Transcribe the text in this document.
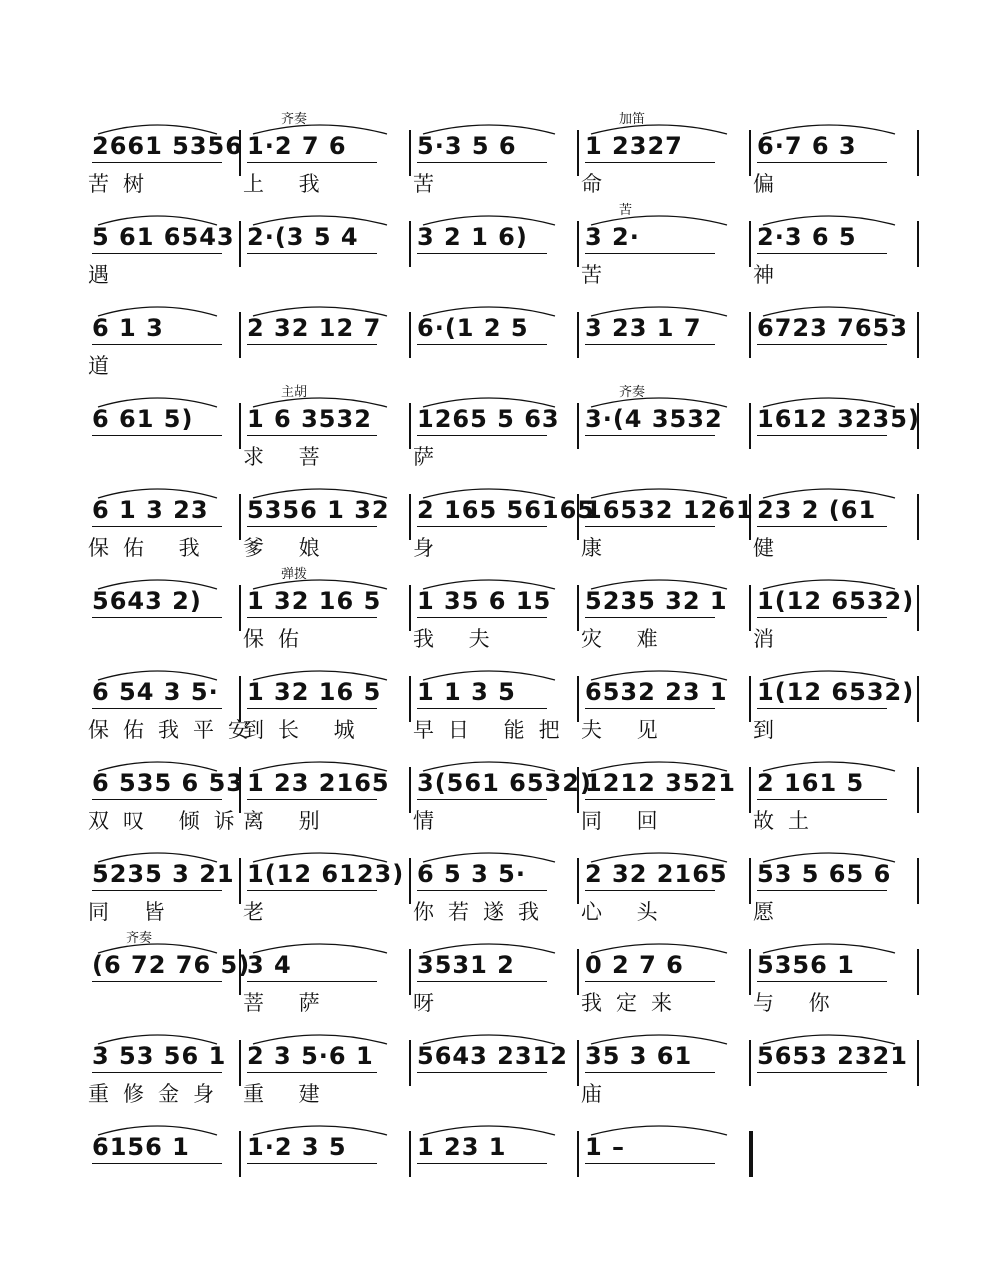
2661 5356
苦树
1·2 7 6
上 我
齐奏
5·3 5 6
苦
1 2327
命
加笛
6·7 6 3
偏
5 61 6543
遇
2·(3 5 4	3 2 1 6)	3 2·
苦
苦
2·3 6 5
神
6 1 3
道
2 32 12 7	6·(1 2 5	3 23 1 7	6723 7653
6 61 5)	1 6 3532
求 菩
主胡
1265 5 63
萨
3·(4 3532
齐奏
1612 3235)
6 1 3 23
保佑 我
5356 1 32
爹 娘
2 165 56165
身
16532 1261
康
23 2 (61
健
5643 2)	1 32 16 5
保佑
弹拨
1 35 6 15
我 夫
5235 32 1
灾 难
1(12 6532)
消
6 54 3 5·
保佑我平安
1 32 16 5
到长 城
1 1 3 5
早日 能把
6532 23 1
夫 见
1(12 6532)
到
6 535 6 53
双叹 倾诉
1 23 2165
离 别
3(561 6532)
情
1212 3521
同 回
2 161 5
故土
5235 3 21
同 皆
1(12 6123)
老
6 5 3 5·
你若遂我
2 32 2165
心 头
53 5 65 6
愿
(6 72 76 5)
齐奏
3 4
菩 萨
3531 2
呀
0 2 7 6
我定来
5356 1
与 你
3 53 56 1
重修金身
2 3 5·6 1
重 建
5643 2312 35 3 61
庙
5653 2321
6156 1	1·2 3 5	1 23 1	1 –
